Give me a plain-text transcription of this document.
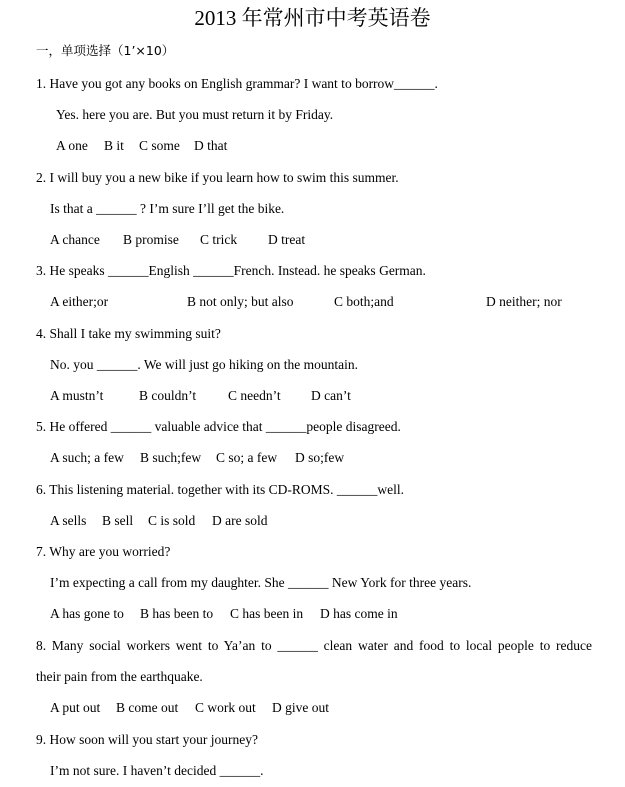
2013 年常州市中考英语卷
一，单项选择（1’×10）
1. Have you got any books on English grammar? I want to borrow______.
Yes. here you are. But you must return it by Friday.
A one B it C some D that
2. I will buy you a new bike if you learn how to swim this summer.
Is that a ______ ? I’m sure I’ll get the bike.
A chance B promise C trick D treat
3. He speaks ______English ______French. Instead. he speaks German.
A either;or	B not only; but also	C both;and	D neither; nor
4. Shall I take my swimming suit?
No. you ______. We will just go hiking on the mountain.
A mustn’t	B couldn’t C needn’t D can’t
5. He offered ______ valuable advice that ______people disagreed.
A such; a few B such;few C so; a few D so;few
6. This listening material. together with its CD-ROMS. ______well.
A sells B sell C is sold D are sold
7. Why are you worried?
I’m expecting a call from my daughter. She ______ New York for three years.
A has gone to B has been to C has been in D has come in
8. Many social workers went to Ya’an to ______ clean water and food to local people to reduce
their pain from the earthquake.
A put out B come out C work out D give out
9. How soon will you start your journey?
I’m not sure. I haven’t decided ______.
